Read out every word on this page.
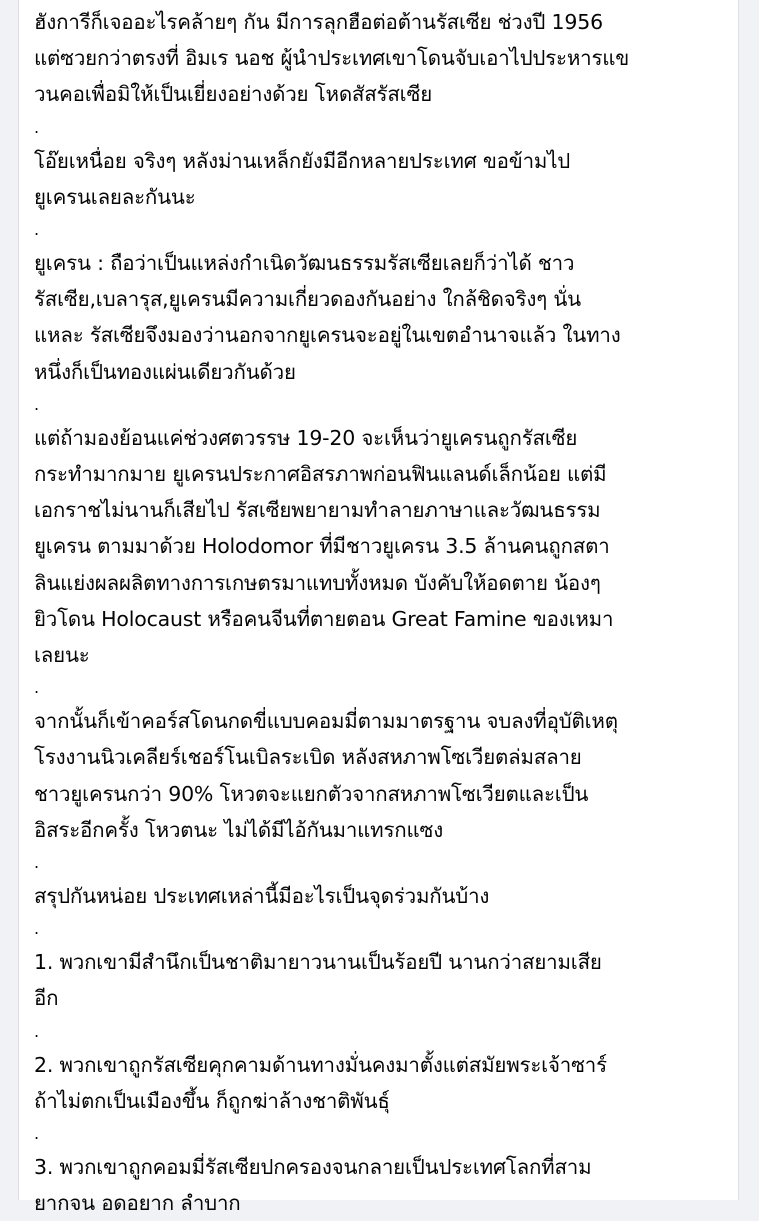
ฮังการีก็เจออะไรคล้ายๆ กัน มีการลุกฮือต่อต้านรัสเซีย ช่วงปี 1956
แต่ซวยกว่าตรงที่ อิมเร นอช ผู้นำประเทศเขาโดนจับเอาไปประหารแข
วนคอเพื่อมิให้เป็นเยี่ยงอย่างด้วย โหดสัสรัสเซีย

.

โอ๊ยเหนื่อย จริงๆ หลังม่านเหล็กยังมีอีกหลายประเทศ ขอข้ามไป
ยูเครนเลยละกันนะ

.

ยูเครน : ถือว่าเป็นแหล่งกำเนิดวัฒนธรรมรัสเซียเลยก็ว่าได้ ชาว
รัสเซีย,เบลารุส,ยูเครนมีความเกี่ยวดองกันอย่าง ใกล้ชิดจริงๆ นั่น
แหละ รัสเซียจึงมองว่านอกจากยูเครนจะอยู่ในเขตอำนาจแล้ว ในทาง
หนึ่งก็เป็นทองแผ่นเดียวกันด้วย

.

แต่ถ้ามองย้อนแค่ช่วงศตวรรษ 19-20 จะเห็นว่ายูเครนถูกรัสเซีย
กระทำมากมาย ยูเครนประกาศอิสรภาพก่อนฟินแลนด์เล็กน้อย แต่มี
เอกราชไม่นานก็เสียไป รัสเซียพยายามทำลายภาษาและวัฒนธรรม
ยูเครน ตามมาด้วย Holodomor ที่มีชาวยูเครน 3.5 ล้านคนถูกสตา
ลินแย่งผลผลิตทางการเกษตรมาแทบทั้งหมด บังคับให้อดตาย น้องๆ
ยิวโดน Holocaust หรือคนจีนที่ตายตอน Great Famine ของเหมา
เลยนะ

.

จากนั้นก็เข้าคอร์สโดนกดขี่แบบคอมมี่ตามมาตรฐาน จบลงที่อุบัติเหตุ
โรงงานนิวเคลียร์เชอร์โนเบิลระเบิด หลังสหภาพโซเวียตล่มสลาย
ชาวยูเครนกว่า 90% โหวตจะแยกตัวจากสหภาพโซเวียตและเป็น
อิสระอีกครั้ง โหวตนะ ไม่ได้มีไอ้กันมาแทรกแซง

.

สรุปกันหน่อย ประเทศเหล่านี้มีอะไรเป็นจุดร่วมกันบ้าง

.

1. พวกเขามีสำนึกเป็นชาติมายาวนานเป็นร้อยปี นานกว่าสยามเสีย
อีก

.

2. พวกเขาถูกรัสเซียคุกคามด้านทางมั่นคงมาตั้งแต่สมัยพระเจ้าซาร์
ถ้าไม่ตกเป็นเมืองขึ้น ก็ถูกฆ่าล้างชาติพันธุ์

.

3. พวกเขาถูกคอมมี่รัสเซียปกครองจนกลายเป็นประเทศโลกที่สาม
ยากจน อดอยาก ลำบาก
